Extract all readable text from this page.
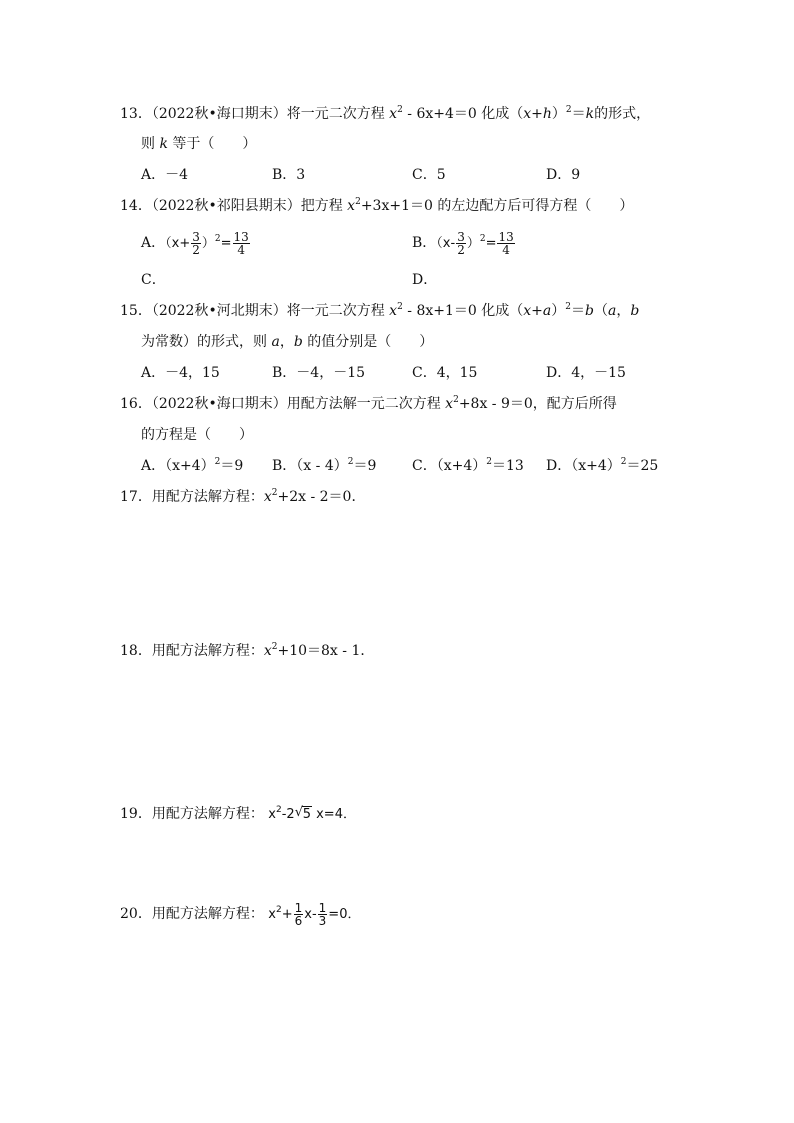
13．（2022秋•海口期末）将一元二次方程 $x^2 - 6x+4=0$ 化成$(x+h)^2=k$的形式，
则 k 等于（　　）
A．－4	B．3	C．5	D．9
14．（2022秋•祁阳县期末）把方程 $x^2+3x+1=0$ 的左边配方后可得方程（　　）
A．$(x+ \frac{3}{2} )^2= \frac{13}{4}$	B．$(x- \frac{3}{2} )^2= \frac{13}{4}$
C．	D．
15．（2022秋•河北期末）将一元二次方程 $x^2 - 8x+1=0$ 化成$(x+a)^2=b(a$，b
为常数）的形式，则 a，b 的值分别是（　　）
A．－4，15	B．－4，－15	C．4，15	D．4，－15
16．（2022秋•海口期末）用配方法解一元二次方程 $x^2+8x - 9=0$，配方后所得
的方程是（　　）
A．$(x+4)^2=9$ B．（x - 4）$^2$＝9	C．$(x+4)^2=13$ D．$(x+4)^2=25$
17．用配方法解方程：$x^2+2x - 2=0$．
18．用配方法解方程：$x^2+10=8x - 1$．
19．用配方法解方程： $x^2-2$ √ 5 x=4．
20．用配方法解方程： $x^2+ \frac{1}{6} x- \frac{1}{3} =0$．
